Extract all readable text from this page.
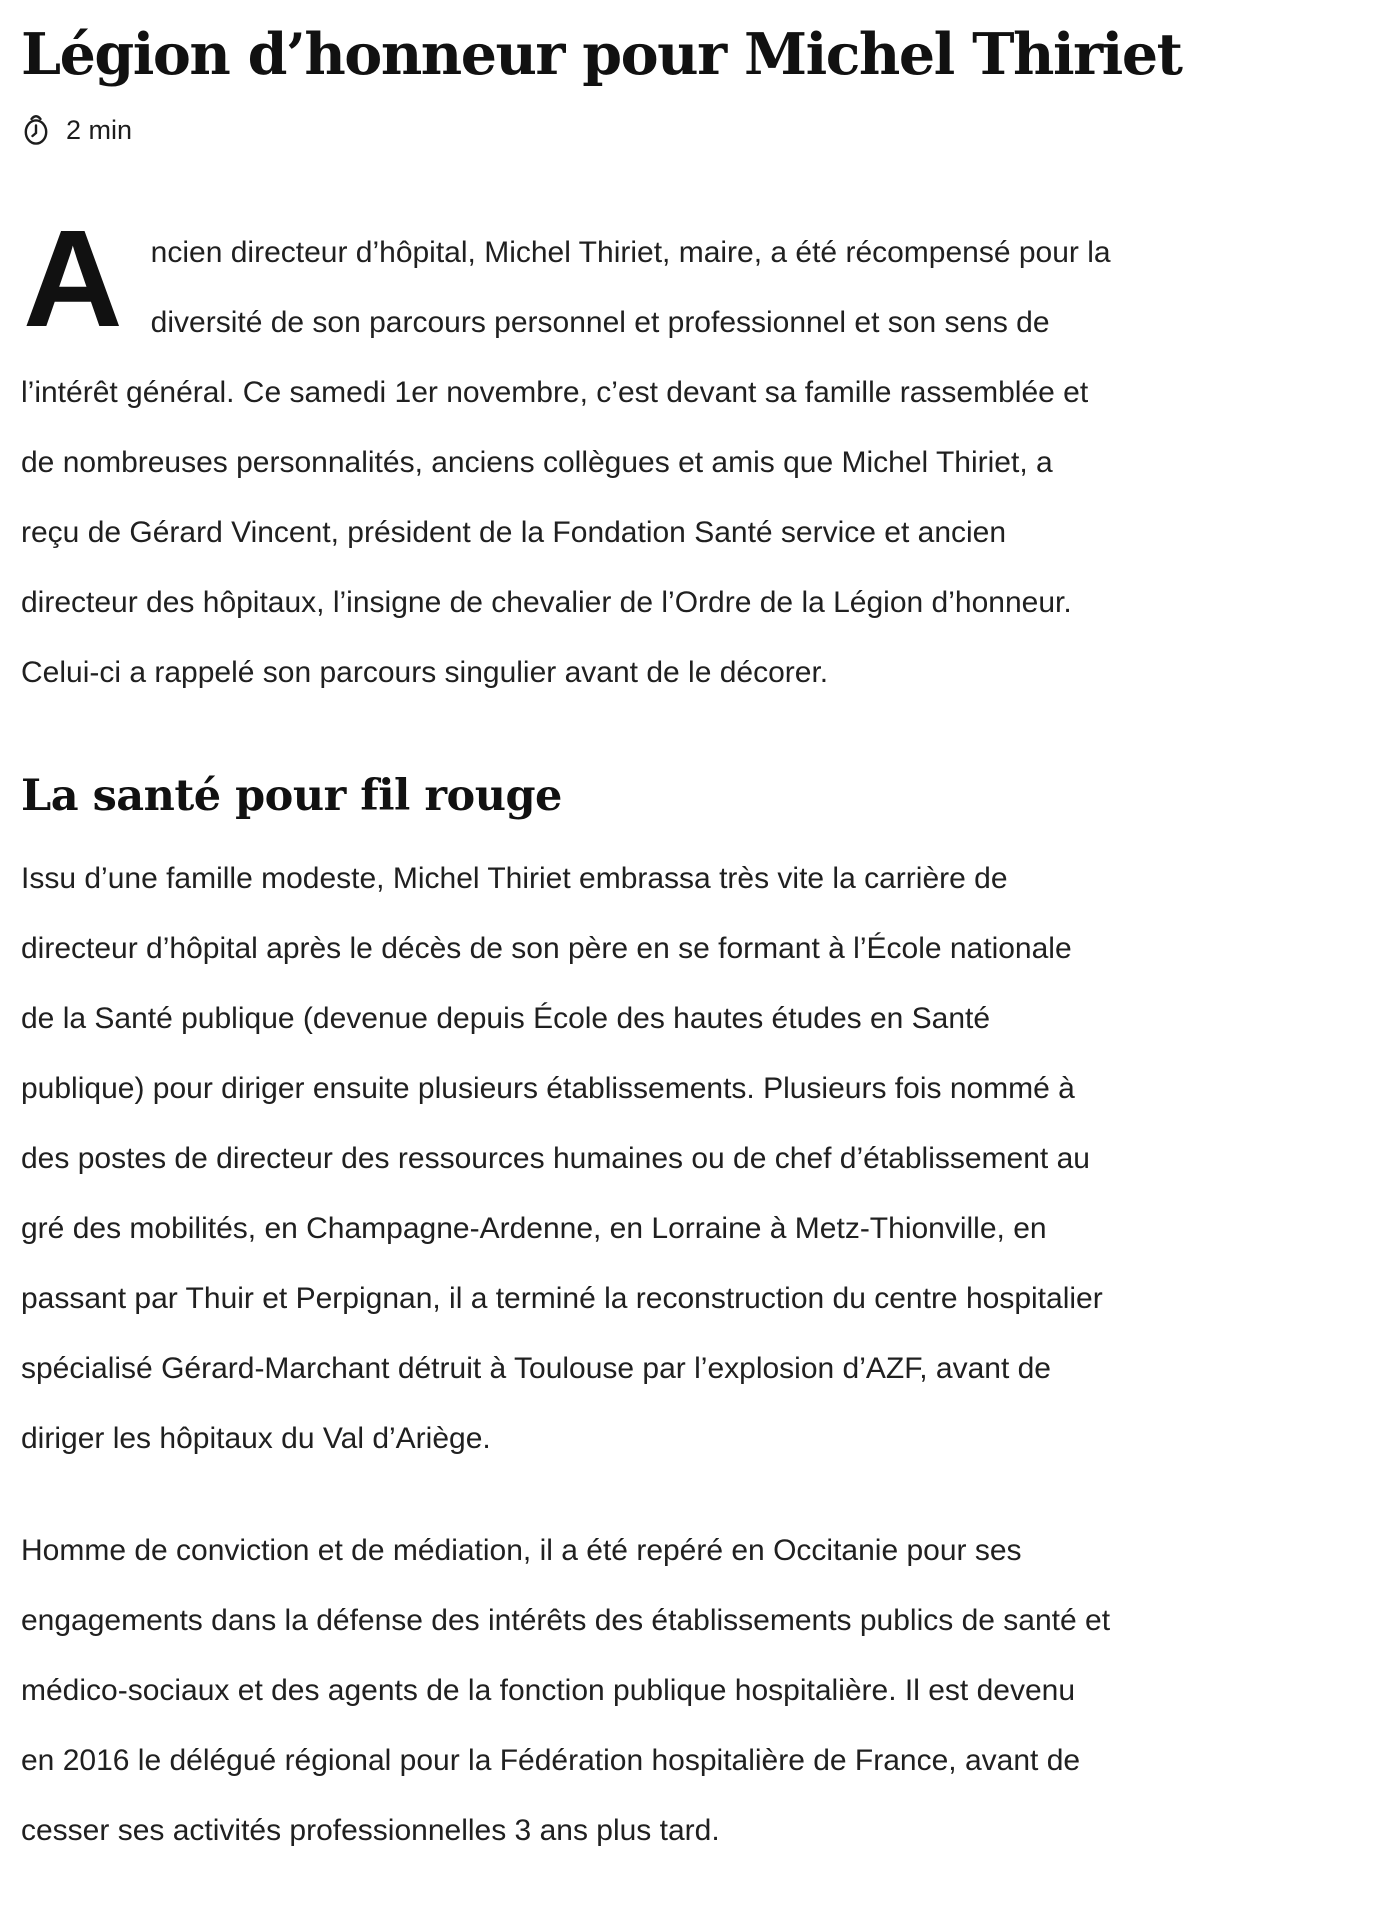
Légion d’honneur pour Michel Thiriet
2 min

A ncien directeur d’hôpital, Michel Thiriet, maire, a été récompensé pour la diversité de son parcours personnel et professionnel et son sens de l’intérêt général. Ce samedi 1er novembre, c’est devant sa famille rassemblée et de nombreuses personnalités, anciens collègues et amis que Michel Thiriet, a reçu de Gérard Vincent, président de la Fondation Santé service et ancien directeur des hôpitaux, l’insigne de chevalier de l’Ordre de la Légion d’honneur. Celui-ci a rappelé son parcours singulier avant de le décorer.

La santé pour fil rouge

Issu d’une famille modeste, Michel Thiriet embrassa très vite la carrière de directeur d’hôpital après le décès de son père en se formant à l’École nationale de la Santé publique (devenue depuis École des hautes études en Santé publique) pour diriger ensuite plusieurs établissements. Plusieurs fois nommé à des postes de directeur des ressources humaines ou de chef d’établissement au gré des mobilités, en Champagne-Ardenne, en Lorraine à Metz-Thionville, en passant par Thuir et Perpignan, il a terminé la reconstruction du centre hospitalier spécialisé Gérard-Marchant détruit à Toulouse par l’explosion d’AZF, avant de diriger les hôpitaux du Val d’Ariège.

Homme de conviction et de médiation, il a été repéré en Occitanie pour ses engagements dans la défense des intérêts des établissements publics de santé et médico-sociaux et des agents de la fonction publique hospitalière. Il est devenu en 2016 le délégué régional pour la Fédération hospitalière de France, avant de cesser ses activités professionnelles 3 ans plus tard.
